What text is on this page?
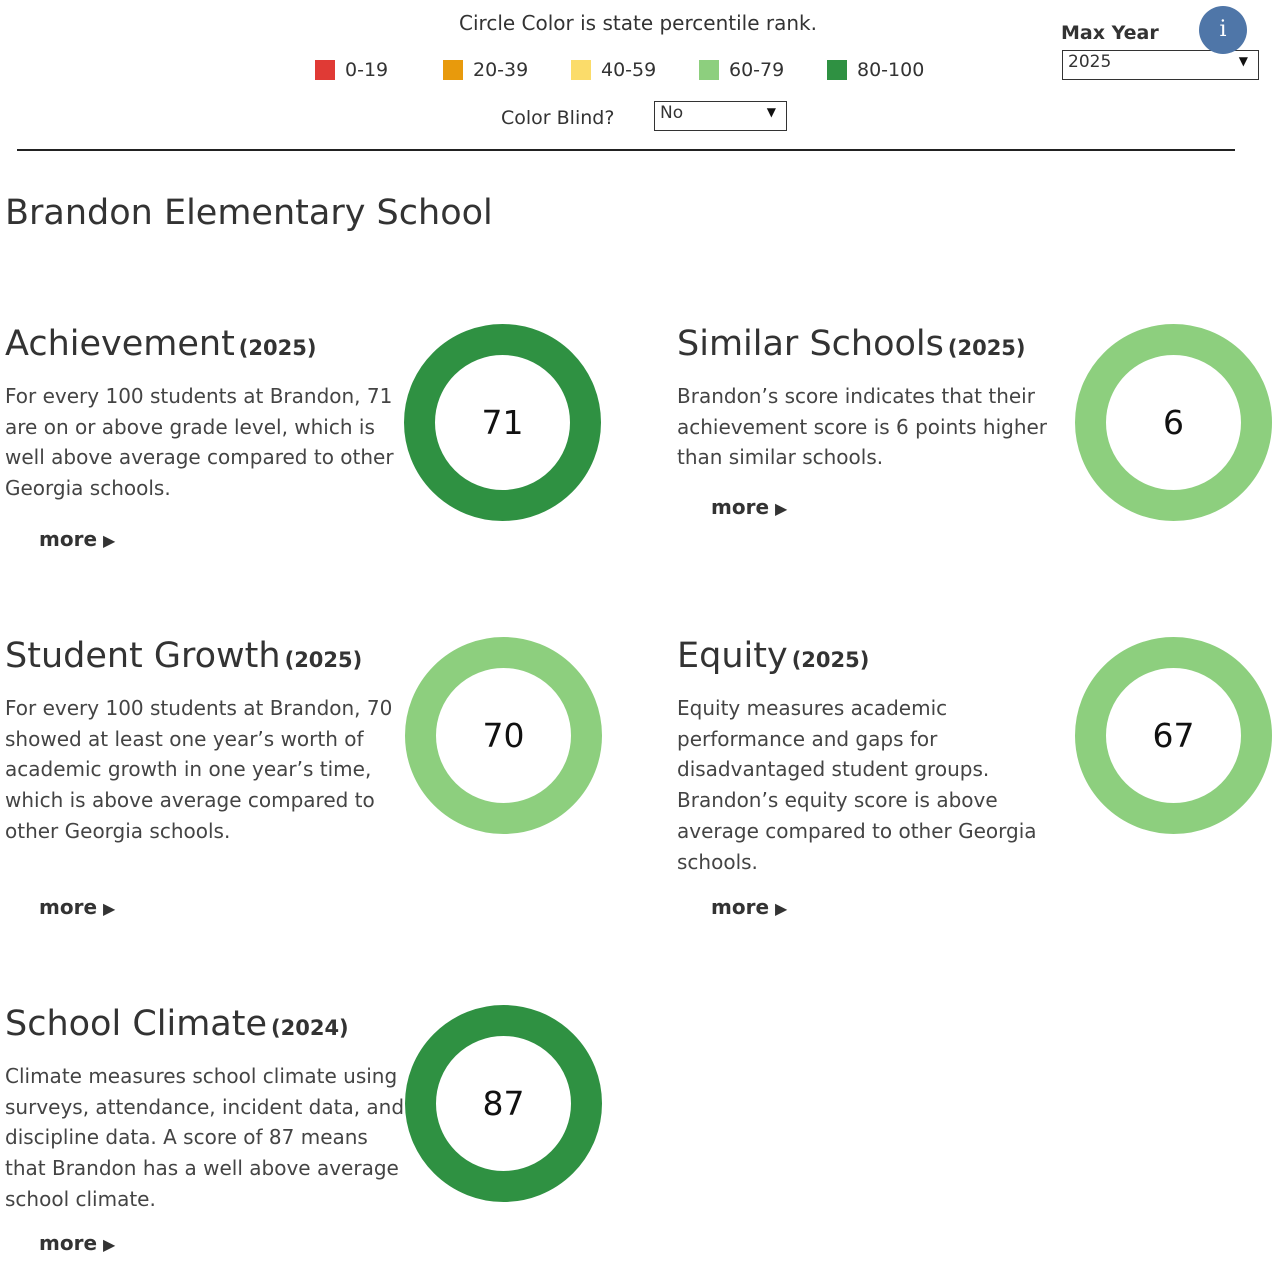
Circle Color is state percentile rank.
0-19	20-39	40-59	60-79	80-100
Color Blind?	No	▼
Max Year
2025	▼
i
Brandon Elementary School
Achievement (2025)
For every 100 students at Brandon, 71 are on or above grade level, which is well above average compared to other Georgia schools.
more ▶
71
Similar Schools (2025)
Brandon’s score indicates that their achievement score is 6 points higher than similar schools.
more ▶
6
Student Growth (2025)
For every 100 students at Brandon, 70 showed at least one year’s worth of academic growth in one year’s time, which is above average compared to other Georgia schools.
more ▶
70
Equity (2025)
Equity measures academic performance and gaps for disadvantaged student groups. Brandon’s equity score is above average compared to other Georgia schools.
more ▶
67
School Climate (2024)
Climate measures school climate using surveys, attendance, incident data, and discipline data. A score of 87 means that Brandon has a well above average school climate.
more ▶
87
